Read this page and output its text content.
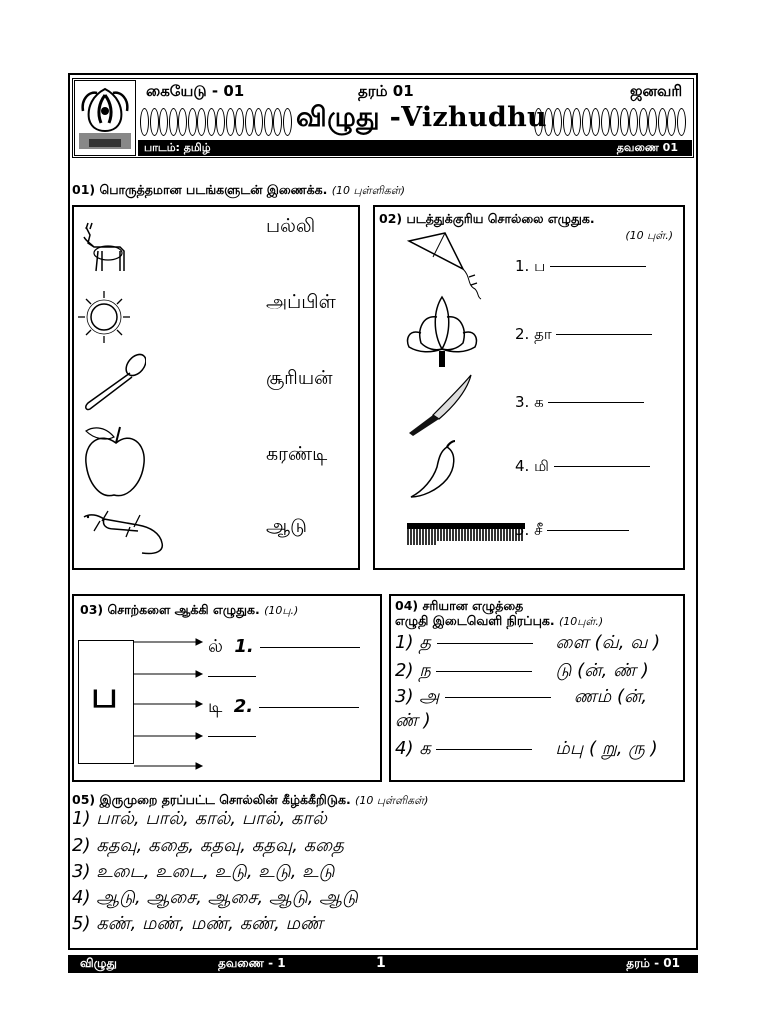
கையேடு - 01	தரம் 01	ஜனவரி
விழுது -Vizhudhu
பாடம்: தமிழ்	தவணை 01
01) பொருத்தமான படங்களுடன் இணைக்க. (10 புள்ளிகள்)
பல்லி
அப்பிள்
சூரியன்
கரண்டி
ஆடு
02) படத்துக்குரிய சொல்லை எழுதுக.
(10 புள்.)
1. ப
2. தா
3. க
4. மி
5. சீ
03) சொற்களை ஆக்கி எழுதுக. (10பு.)
ப
ல் 1.
டி 2.
04) சரியான எழுத்தை
எழுதி இடைவெளி நிரப்புக. (10புள்.)
1) த	ளை (வ், வ )
2) ந	டு (ன், ண் )
3) அ	ணம் (ன்,
ண் )
4) க	ம்பு ( று, ரு )
05) இருமுறை தரப்பட்ட சொல்லின் கீழ்க்கீறிடுக. (10 புள்ளிகள்)
1) பால், பால், கால், பால், கால்
2) கதவு, கதை, கதவு, கதவு, கதை
3) உடை, உடை, உடு, உடு, உடு
4) ஆடு, ஆசை, ஆசை, ஆடு, ஆடு
5) கண், மண், மண், கண், மண்
விழுது	தவணை - 1	1	தரம் - 01
